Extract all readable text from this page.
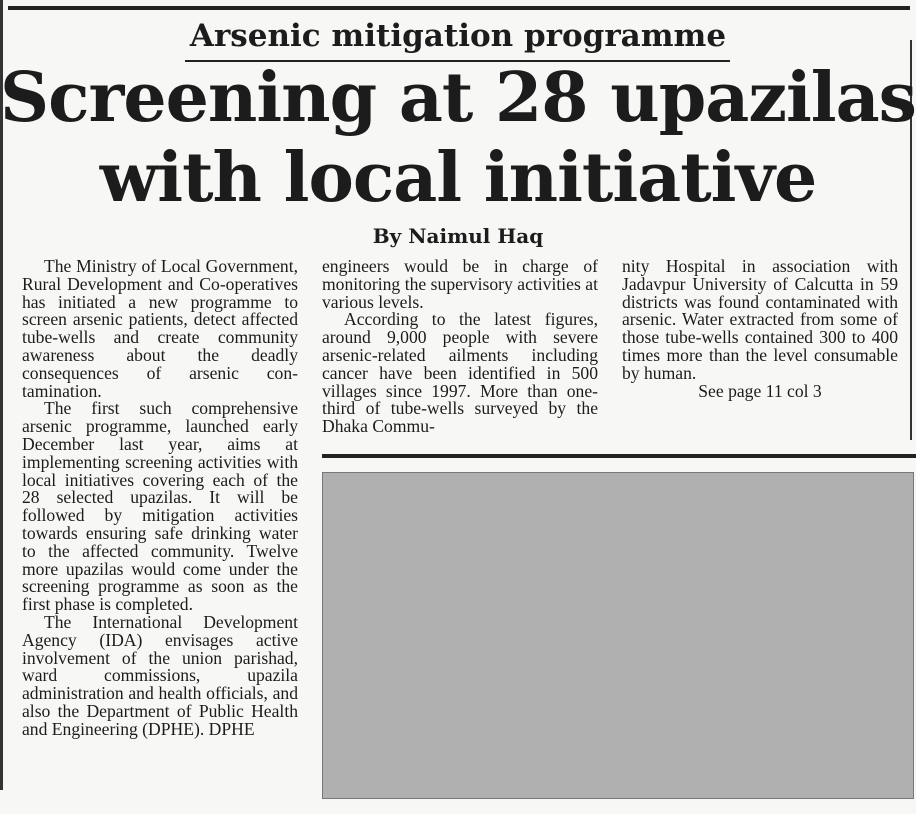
Arsenic mitigation programme
Screening at 28 upazilas
with local initiative
By Naimul Haq

The Ministry of Local Government, Rural Development and Co-operatives has initiated a new programme to screen arsenic patients, detect affected tube-wells and create community awareness about the deadly consequences of arsenic contamination.

The first such comprehensive arsenic programme, launched early December last year, aims at implementing screening activities with local initiatives covering each of the 28 selected upazilas. It will be followed by mitigation activities towards ensuring safe drinking water to the affected community. Twelve more upazilas would come under the screening programme as soon as the first phase is completed.

The International Development Agency (IDA) envisages active involvement of the union parishad, ward commissions, upazila administration and health officials, and also the Department of Public Health and Engineering (DPHE). DPHE

engineers would be in charge of monitoring the supervisory activities at various levels.

According to the latest figures, around 9,000 people with severe arsenic-related ailments including cancer have been identified in 500 villages since 1997. More than one-third of tube-wells surveyed by the Dhaka Commu-

nity Hospital in association with Jadavpur University of Calcutta in 59 districts was found contaminated with arsenic. Water extracted from some of those tube-wells contained 300 to 400 times more than the level consumable by human.

See page 11 col 3
